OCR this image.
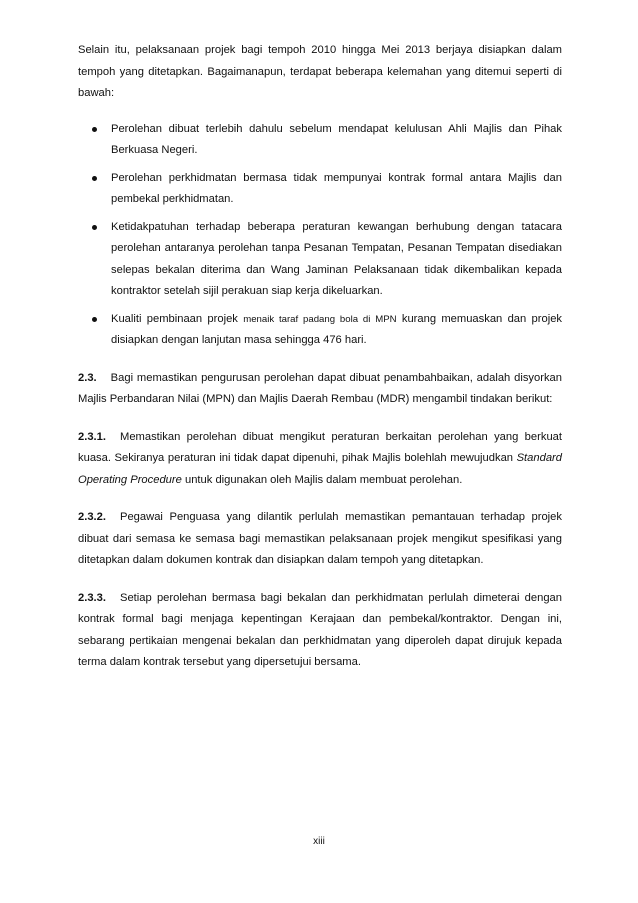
Selain itu, pelaksanaan projek bagi tempoh 2010 hingga Mei 2013 berjaya disiapkan dalam tempoh yang ditetapkan. Bagaimanapun, terdapat beberapa kelemahan yang ditemui seperti di bawah:

Perolehan dibuat terlebih dahulu sebelum mendapat kelulusan Ahli Majlis dan Pihak Berkuasa Negeri.
Perolehan perkhidmatan bermasa tidak mempunyai kontrak formal antara Majlis dan pembekal perkhidmatan.
Ketidakpatuhan terhadap beberapa peraturan kewangan berhubung dengan tatacara perolehan antaranya perolehan tanpa Pesanan Tempatan, Pesanan Tempatan disediakan selepas bekalan diterima dan Wang Jaminan Pelaksanaan tidak dikembalikan kepada kontraktor setelah sijil perakuan siap kerja dikeluarkan.
Kualiti pembinaan projek menaik taraf padang bola di MPN kurang memuaskan dan projek disiapkan dengan lanjutan masa sehingga 476 hari.

2.3. Bagi memastikan pengurusan perolehan dapat dibuat penambahbaikan, adalah disyorkan Majlis Perbandaran Nilai (MPN) dan Majlis Daerah Rembau (MDR) mengambil tindakan berikut:

2.3.1. Memastikan perolehan dibuat mengikut peraturan berkaitan perolehan yang berkuat kuasa. Sekiranya peraturan ini tidak dapat dipenuhi, pihak Majlis bolehlah mewujudkan Standard Operating Procedure untuk digunakan oleh Majlis dalam membuat perolehan.

2.3.2. Pegawai Penguasa yang dilantik perlulah memastikan pemantauan terhadap projek dibuat dari semasa ke semasa bagi memastikan pelaksanaan projek mengikut spesifikasi yang ditetapkan dalam dokumen kontrak dan disiapkan dalam tempoh yang ditetapkan.

2.3.3. Setiap perolehan bermasa bagi bekalan dan perkhidmatan perlulah dimeterai dengan kontrak formal bagi menjaga kepentingan Kerajaan dan pembekal/kontraktor. Dengan ini, sebarang pertikaian mengenai bekalan dan perkhidmatan yang diperoleh dapat dirujuk kepada terma dalam kontrak tersebut yang dipersetujui bersama.

xiii
